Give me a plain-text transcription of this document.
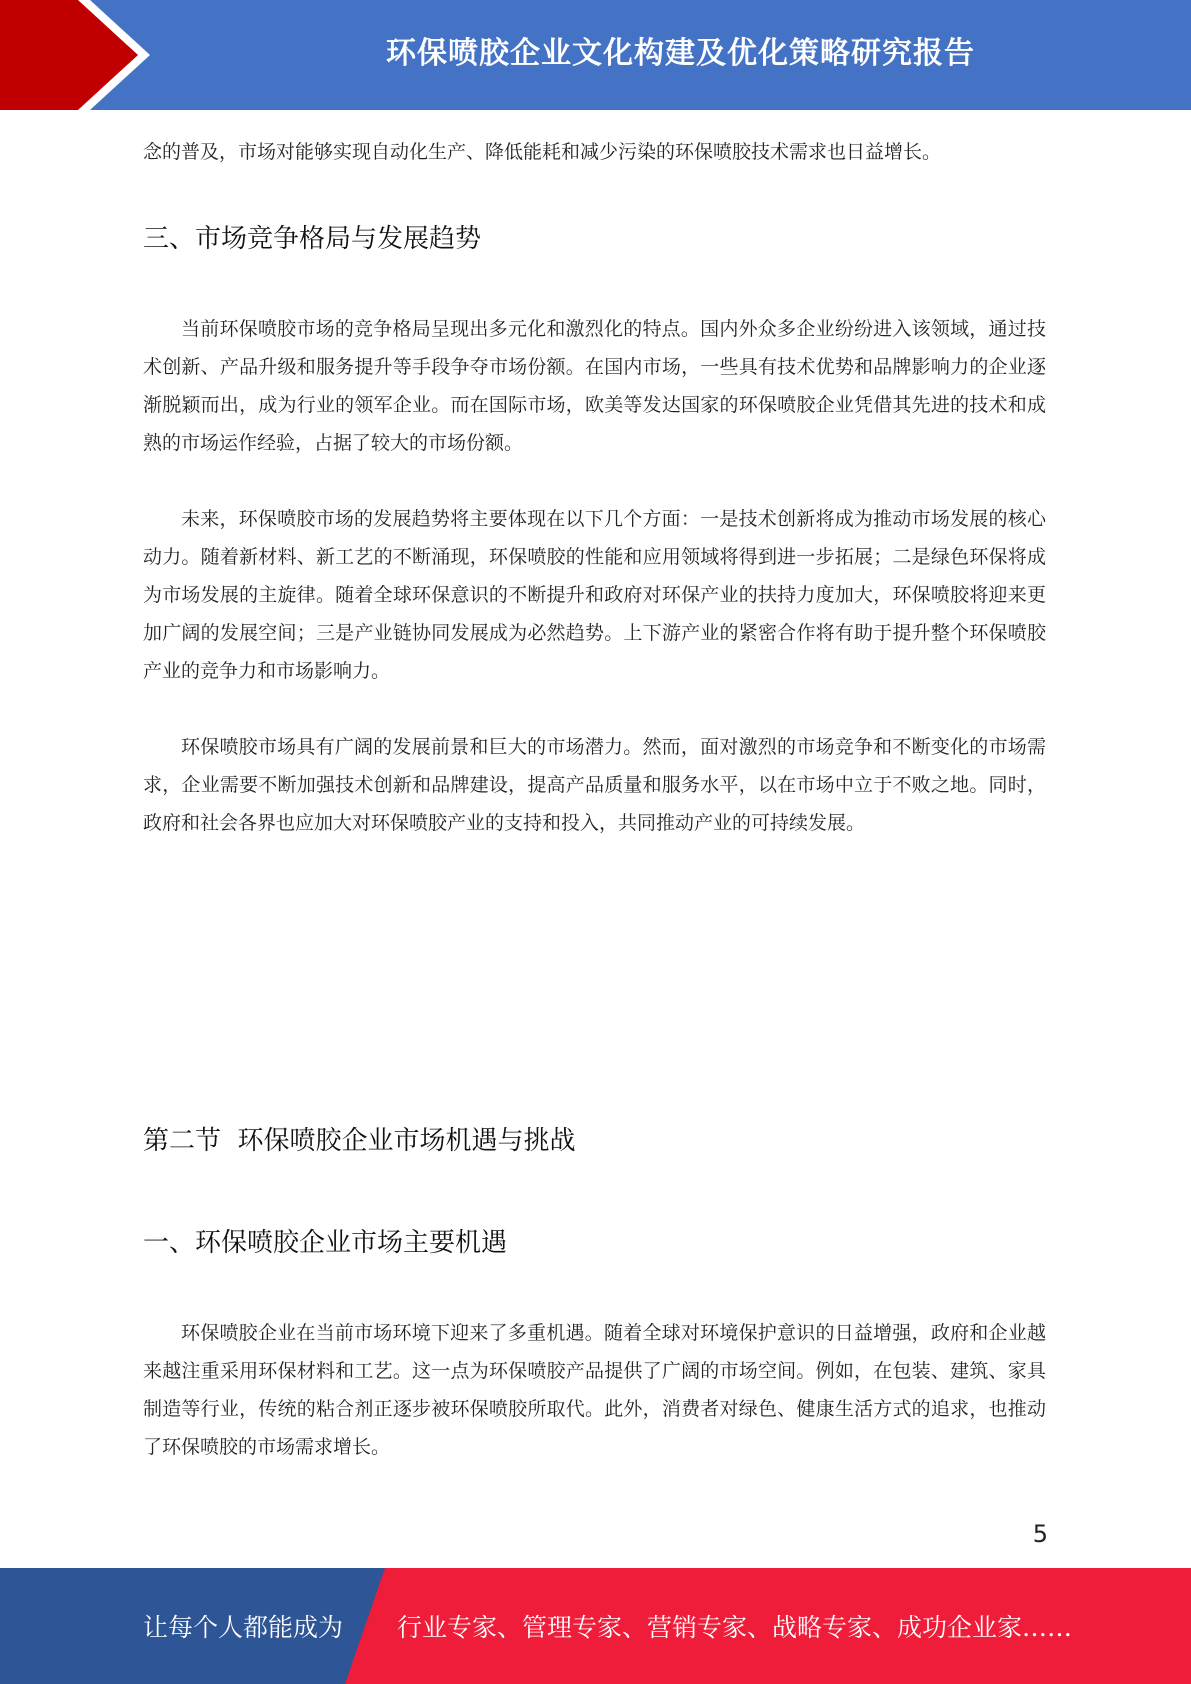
环保喷胶企业文化构建及优化策略研究报告

念的普及，市场对能够实现自动化生产、降低能耗和减少污染的环保喷胶技术需求也日益增长。

三、市场竞争格局与发展趋势

当前环保喷胶市场的竞争格局呈现出多元化和激烈化的特点。国内外众多企业纷纷进入该领域，通过技术创新、产品升级和服务提升等手段争夺市场份额。在国内市场，一些具有技术优势和品牌影响力的企业逐渐脱颖而出，成为行业的领军企业。而在国际市场，欧美等发达国家的环保喷胶企业凭借其先进的技术和成熟的市场运作经验，占据了较大的市场份额。

未来，环保喷胶市场的发展趋势将主要体现在以下几个方面：一是技术创新将成为推动市场发展的核心动力。随着新材料、新工艺的不断涌现，环保喷胶的性能和应用领域将得到进一步拓展；二是绿色环保将成为市场发展的主旋律。随着全球环保意识的不断提升和政府对环保产业的扶持力度加大，环保喷胶将迎来更加广阔的发展空间；三是产业链协同发展成为必然趋势。上下游产业的紧密合作将有助于提升整个环保喷胶产业的竞争力和市场影响力。

环保喷胶市场具有广阔的发展前景和巨大的市场潜力。然而，面对激烈的市场竞争和不断变化的市场需求，企业需要不断加强技术创新和品牌建设，提高产品质量和服务水平，以在市场中立于不败之地。同时，政府和社会各界也应加大对环保喷胶产业的支持和投入，共同推动产业的可持续发展。

第二节  环保喷胶企业市场机遇与挑战
一、环保喷胶企业市场主要机遇

环保喷胶企业在当前市场环境下迎来了多重机遇。随着全球对环境保护意识的日益增强，政府和企业越来越注重采用环保材料和工艺。这一点为环保喷胶产品提供了广阔的市场空间。例如，在包装、建筑、家具制造等行业，传统的粘合剂正逐步被环保喷胶所取代。此外，消费者对绿色、健康生活方式的追求，也推动了环保喷胶的市场需求增长。

5
让每个人都能成为 行业专家、管理专家、营销专家、战略专家、成功企业家……
